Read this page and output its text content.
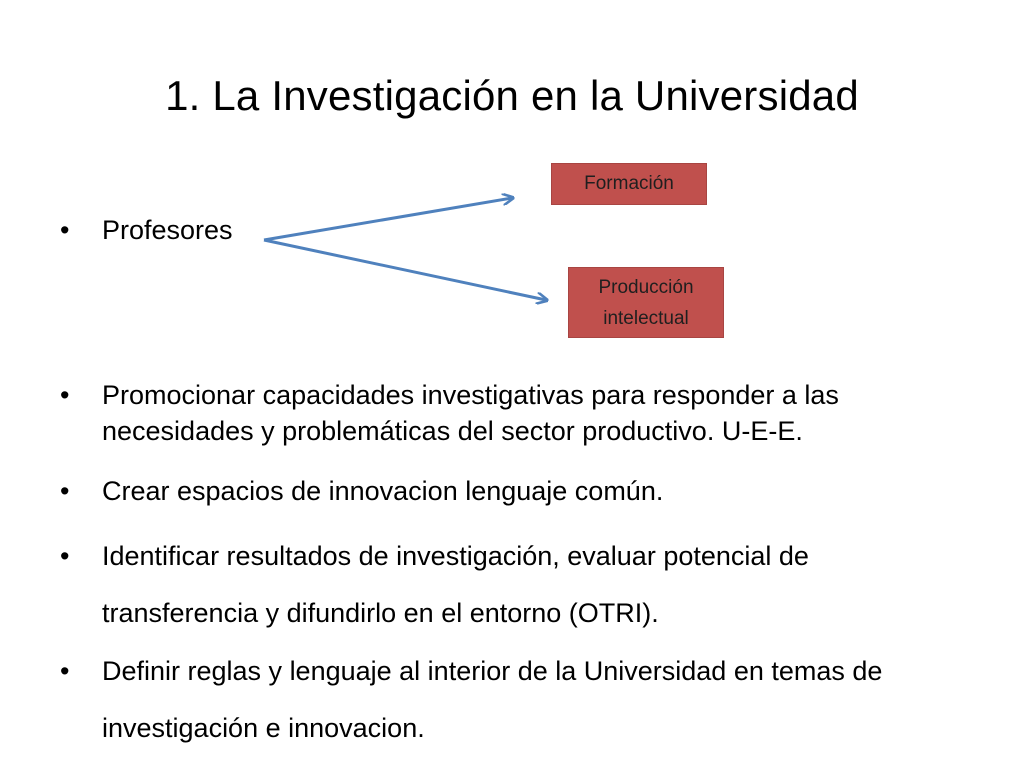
1. La Investigación en la Universidad
• Profesores
Formación
Producción
intelectual
• Promocionar capacidades investigativas para responder a las necesidades y problemáticas del sector productivo. U-E-E.
• Crear espacios de innovacion lenguaje común.
• Identificar resultados de investigación, evaluar potencial de transferencia y difundirlo en el entorno (OTRI).
• Definir reglas y lenguaje al interior de la Universidad en temas de investigación e innovacion.
